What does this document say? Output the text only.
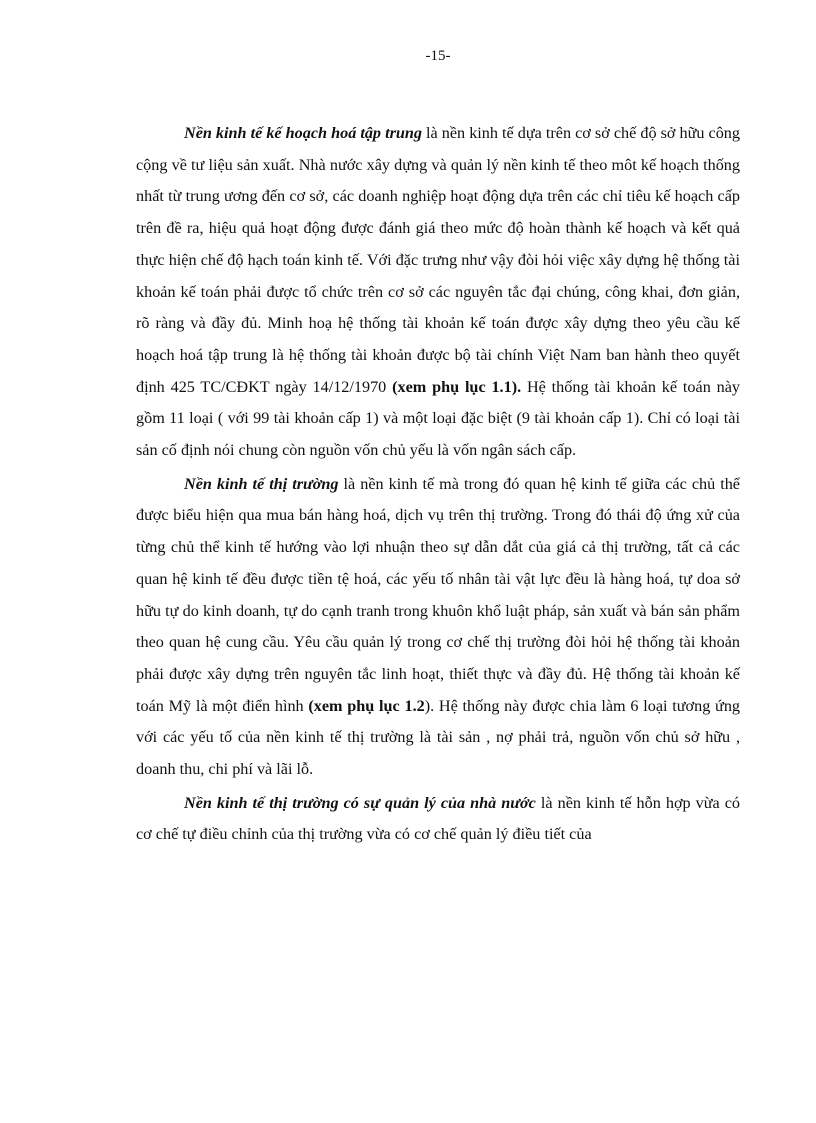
-15-

Nền kinh tế kế hoạch hoá tập trung là nền kinh tế dựa trên cơ sở chế độ sở hữu công cộng về tư liệu sản xuất. Nhà nước xây dựng và quản lý nền kinh tế theo môt kế hoạch thống nhất từ trung ương đến cơ sở, các doanh nghiệp hoạt động dựa trên các chỉ tiêu kế hoạch cấp trên đề ra, hiệu quả hoạt động được đánh giá theo mức độ hoàn thành kế hoạch và kết quả thực hiện chế độ hạch toán kinh tế. Với đặc trưng như vậy đòi hỏi việc xây dựng hệ thống tài khoản kế toán phải được tổ chức trên cơ sở các nguyên tắc đại chúng, công khai, đơn giản, rõ ràng và đầy đủ. Minh hoạ hệ thống tài khoản kế toán được xây dựng theo yêu cầu kế hoạch hoá tập trung là hệ thống tài khoản được bộ tài chính Việt Nam ban hành theo quyết định 425 TC/CĐKT ngày 14/12/1970 (xem phụ lục 1.1). Hệ thống tài khoản kế toán này gồm 11 loại ( với 99 tài khoản cấp 1) và một loại đặc biệt (9 tài khoản cấp 1). Chỉ có loại tài sản cố định nói chung còn nguồn vốn chủ yếu là vốn ngân sách cấp.

Nền kinh tế thị trường là nền kinh tế mà trong đó quan hệ kinh tế giữa các chủ thể được biểu hiện qua mua bán hàng hoá, dịch vụ trên thị trường. Trong đó thái độ ứng xử của từng chủ thể kinh tế hướng vào lợi nhuận theo sự dẫn dắt của giá cả thị trường, tất cả các quan hệ kinh tế đều được tiền tệ hoá, các yếu tố nhân tài vật lực đều là hàng hoá, tự doa sở hữu tự do kinh doanh, tự do cạnh tranh trong khuôn khổ luật pháp, sản xuất và bán sản phẩm theo quan hệ cung cầu. Yêu cầu quản lý trong cơ chế thị trường đòi hỏi hệ thống tài khoản phải được xây dựng trên nguyên tắc linh hoạt, thiết thực và đầy đủ. Hệ thống tài khoản kế toán Mỹ là một điển hình (xem phụ lục 1.2). Hệ thống này được chia làm 6 loại tương ứng với các yếu tố của nền kinh tế thị trường là tài sản , nợ phải trả, nguồn vốn chủ sở hữu , doanh thu, chi phí và lãi lỗ.

Nền kinh tế thị trường có sự quản lý của nhà nước là nền kinh tế hỗn hợp vừa có cơ chế tự điều chỉnh của thị trường vừa có cơ chế quản lý điều tiết của
